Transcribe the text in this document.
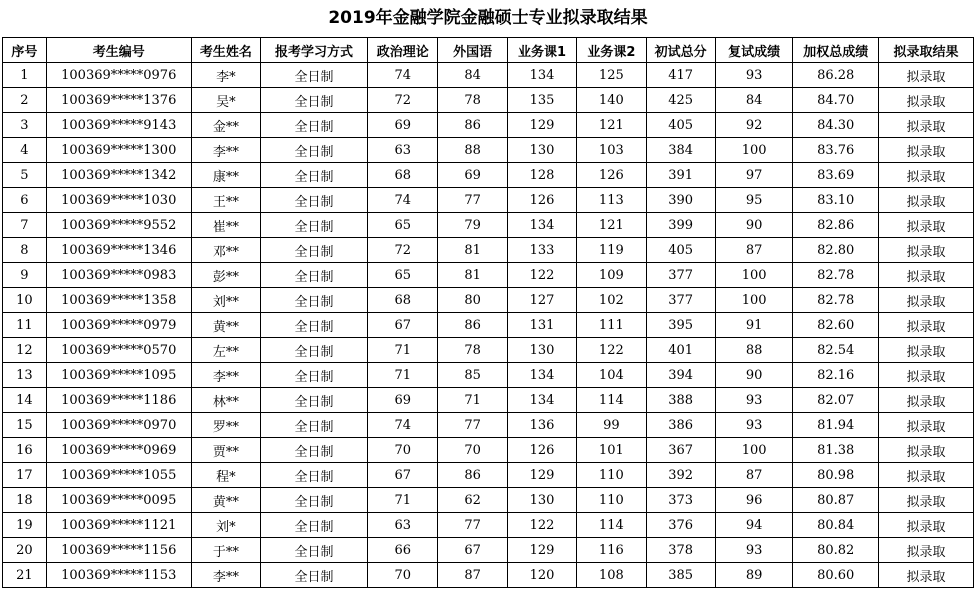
2019年金融学院金融硕士专业拟录取结果
序号	考生编号	考生姓名	报考学习方式	政治理论	外国语	业务课1	业务课2	初试总分	复试成绩	加权总成绩	拟录取结果
1	100369*****0976	李*	全日制	74	84	134	125	417	93	86.28	拟录取
2	100369*****1376	吴*	全日制	72	78	135	140	425	84	84.70	拟录取
3	100369*****9143	金**	全日制	69	86	129	121	405	92	84.30	拟录取
4	100369*****1300	李**	全日制	63	88	130	103	384	100	83.76	拟录取
5	100369*****1342	康**	全日制	68	69	128	126	391	97	83.69	拟录取
6	100369*****1030	王**	全日制	74	77	126	113	390	95	83.10	拟录取
7	100369*****9552	崔**	全日制	65	79	134	121	399	90	82.86	拟录取
8	100369*****1346	邓**	全日制	72	81	133	119	405	87	82.80	拟录取
9	100369*****0983	彭**	全日制	65	81	122	109	377	100	82.78	拟录取
10	100369*****1358	刘**	全日制	68	80	127	102	377	100	82.78	拟录取
11	100369*****0979	黄**	全日制	67	86	131	111	395	91	82.60	拟录取
12	100369*****0570	左**	全日制	71	78	130	122	401	88	82.54	拟录取
13	100369*****1095	李**	全日制	71	85	134	104	394	90	82.16	拟录取
14	100369*****1186	林**	全日制	69	71	134	114	388	93	82.07	拟录取
15	100369*****0970	罗**	全日制	74	77	136	99	386	93	81.94	拟录取
16	100369*****0969	贾**	全日制	70	70	126	101	367	100	81.38	拟录取
17	100369*****1055	程*	全日制	67	86	129	110	392	87	80.98	拟录取
18	100369*****0095	黄**	全日制	71	62	130	110	373	96	80.87	拟录取
19	100369*****1121	刘*	全日制	63	77	122	114	376	94	80.84	拟录取
20	100369*****1156	于**	全日制	66	67	129	116	378	93	80.82	拟录取
21	100369*****1153	李**	全日制	70	87	120	108	385	89	80.60	拟录取
